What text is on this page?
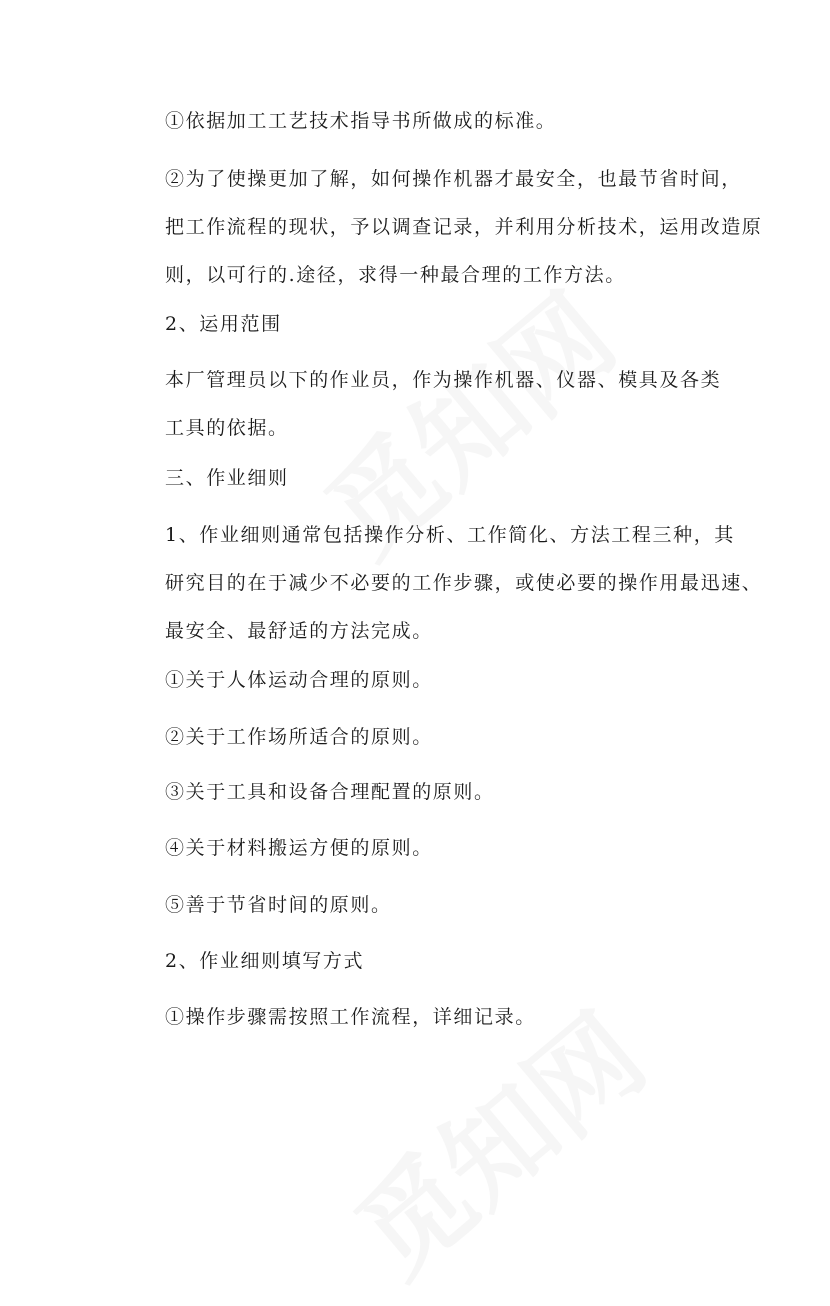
①依据加工工艺技术指导书所做成的标准。

②为了使操更加了解，如何操作机器才最安全，也最节省时间，
把工作流程的现状，予以调查记录，并利用分析技术，运用改造原
则，以可行的.途径，求得一种最合理的工作方法。

2、运用范围

本厂管理员以下的作业员，作为操作机器、仪器、模具及各类
工具的依据。

三、作业细则

1、作业细则通常包括操作分析、工作简化、方法工程三种，其
研究目的在于减少不必要的工作步骤，或使必要的操作用最迅速、
最安全、最舒适的方法完成。

①关于人体运动合理的原则。

②关于工作场所适合的原则。

③关于工具和设备合理配置的原则。

④关于材料搬运方便的原则。

⑤善于节省时间的原则。

2、作业细则填写方式

①操作步骤需按照工作流程，详细记录。
